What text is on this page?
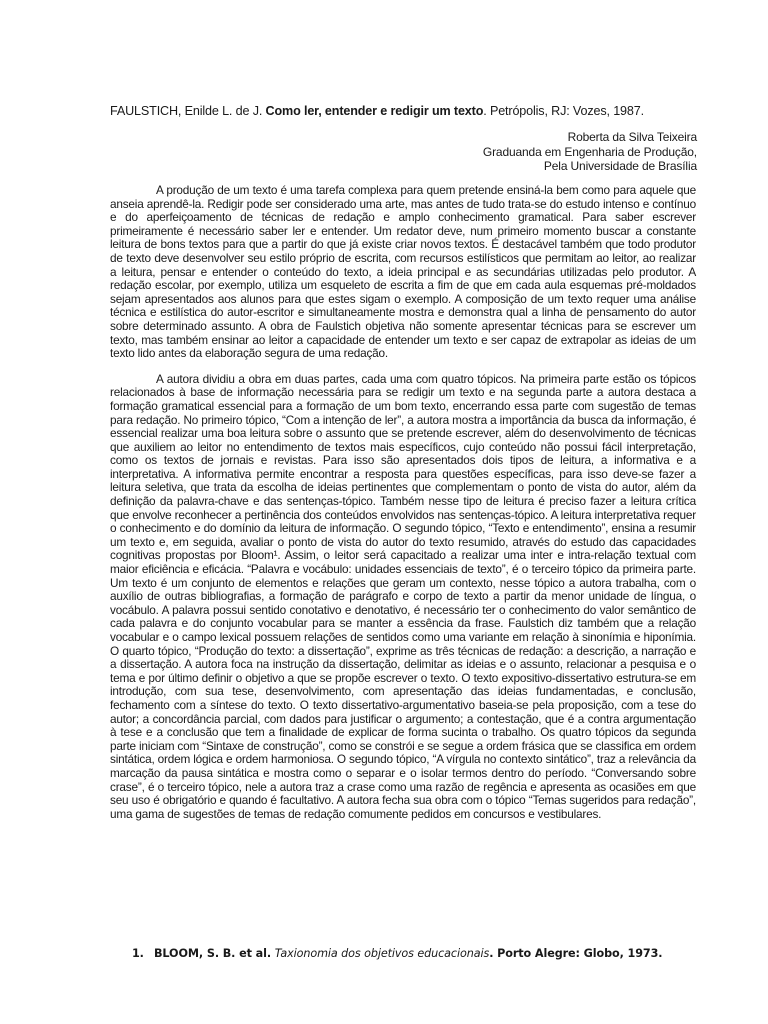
FAULSTICH, Enilde L. de J. Como ler, entender e redigir um texto. Petrópolis, RJ: Vozes, 1987.
Roberta da Silva Teixeira
Graduanda em Engenharia de Produção,
Pela Universidade de Brasília

A produção de um texto é uma tarefa complexa para quem pretende ensiná-la bem como para aquele que anseia aprendê-la. Redigir pode ser considerado uma arte, mas antes de tudo trata-se do estudo intenso e contínuo e do aperfeiçoamento de técnicas de redação e amplo conhecimento gramatical. Para saber escrever primeiramente é necessário saber ler e entender. Um redator deve, num primeiro momento buscar a constante leitura de bons textos para que a partir do que já existe criar novos textos. É destacável também que todo produtor de texto deve desenvolver seu estilo próprio de escrita, com recursos estilísticos que permitam ao leitor, ao realizar a leitura, pensar e entender o conteúdo do texto, a ideia principal e as secundárias utilizadas pelo produtor. A redação escolar, por exemplo, utiliza um esqueleto de escrita a fim de que em cada aula esquemas pré-moldados sejam apresentados aos alunos para que estes sigam o exemplo. A composição de um texto requer uma análise técnica e estilística do autor-escritor e simultaneamente mostra e demonstra qual a linha de pensamento do autor sobre determinado assunto. A obra de Faulstich objetiva não somente apresentar técnicas para se escrever um texto, mas também ensinar ao leitor a capacidade de entender um texto e ser capaz de extrapolar as ideias de um texto lido antes da elaboração segura de uma redação.

A autora dividiu a obra em duas partes, cada uma com quatro tópicos. Na primeira parte estão os tópicos relacionados à base de informação necessária para se redigir um texto e na segunda parte a autora destaca a formação gramatical essencial para a formação de um bom texto, encerrando essa parte com sugestão de temas para redação. No primeiro tópico, “Com a intenção de ler”, a autora mostra a importância da busca da informação, é essencial realizar uma boa leitura sobre o assunto que se pretende escrever, além do desenvolvimento de técnicas que auxiliem ao leitor no entendimento de textos mais específicos, cujo conteúdo não possui fácil interpretação, como os textos de jornais e revistas. Para isso são apresentados dois tipos de leitura, a informativa e a interpretativa. A informativa permite encontrar a resposta para questões específicas, para isso deve-se fazer a leitura seletiva, que trata da escolha de ideias pertinentes que complementam o ponto de vista do autor, além da definição da palavra-chave e das sentenças-tópico. Também nesse tipo de leitura é preciso fazer a leitura crítica que envolve reconhecer a pertinência dos conteúdos envolvidos nas sentenças-tópico. A leitura interpretativa requer o conhecimento e do domínio da leitura de informação. O segundo tópico, “Texto e entendimento”, ensina a resumir um texto e, em seguida, avaliar o ponto de vista do autor do texto resumido, através do estudo das capacidades cognitivas propostas por Bloom¹. Assim, o leitor será capacitado a realizar uma inter e intra-relação textual com maior eficiência e eficácia. “Palavra e vocábulo: unidades essenciais de texto”, é o terceiro tópico da primeira parte. Um texto é um conjunto de elementos e relações que geram um contexto, nesse tópico a autora trabalha, com o auxílio de outras bibliografias, a formação de parágrafo e corpo de texto a partir da menor unidade de língua, o vocábulo. A palavra possui sentido conotativo e denotativo, é necessário ter o conhecimento do valor semântico de cada palavra e do conjunto vocabular para se manter a essência da frase. Faulstich diz também que a relação vocabular e o campo lexical possuem relações de sentidos como uma variante em relação à sinonímia e hiponímia. O quarto tópico, “Produção do texto: a dissertação”, exprime as três técnicas de redação: a descrição, a narração e a dissertação. A autora foca na instrução da dissertação, delimitar as ideias e o assunto, relacionar a pesquisa e o tema e por último definir o objetivo a que se propõe escrever o texto. O texto expositivo-dissertativo estrutura-se em introdução, com sua tese, desenvolvimento, com apresentação das ideias fundamentadas, e conclusão, fechamento com a síntese do texto. O texto dissertativo-argumentativo baseia-se pela proposição, com a tese do autor; a concordância parcial, com dados para justificar o argumento; a contestação, que é a contra argumentação à tese e a conclusão que tem a finalidade de explicar de forma sucinta o trabalho. Os quatro tópicos da segunda parte iniciam com “Sintaxe de construção”, como se constrói e se segue a ordem frásica que se classifica em ordem sintática, ordem lógica e ordem harmoniosa. O segundo tópico, “A vírgula no contexto sintático”, traz a relevância da marcação da pausa sintática e mostra como o separar e o isolar termos dentro do período. “Conversando sobre crase”, é o terceiro tópico, nele a autora traz a crase como uma razão de regência e apresenta as ocasiões em que seu uso é obrigatório e quando é facultativo. A autora fecha sua obra com o tópico “Temas sugeridos para redação”, uma gama de sugestões de temas de redação comumente pedidos em concursos e vestibulares.

1. BLOOM, S. B. et al. Taxionomia dos objetivos educacionais. Porto Alegre: Globo, 1973.
